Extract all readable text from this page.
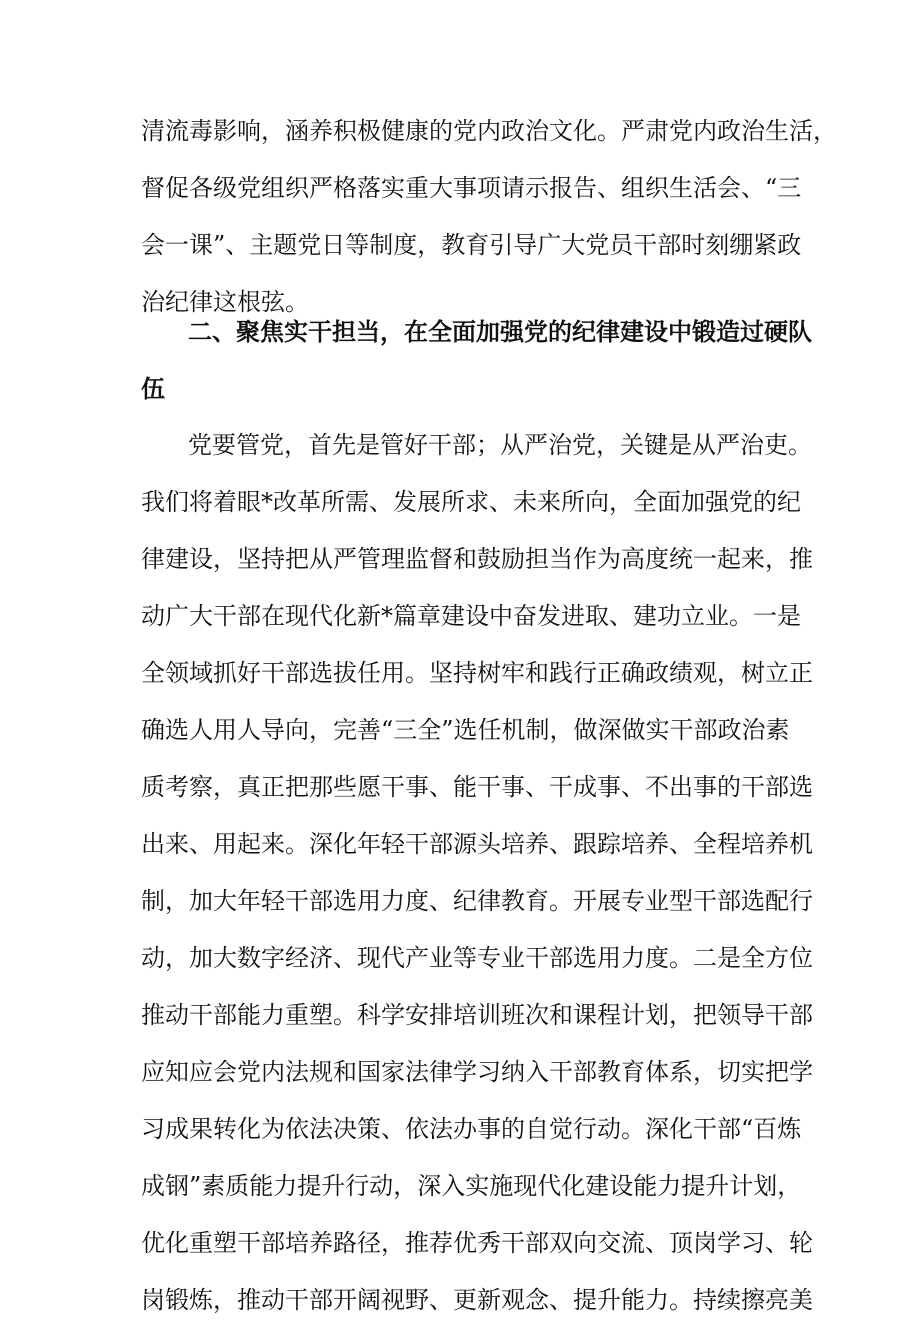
清流毒影响，涵养积极健康的党内政治文化。严肃党内政治生活，
督促各级党组织严格落实重大事项请示报告、组织生活会、“三
会一课”、主题党日等制度，教育引导广大党员干部时刻绷紧政
治纪律这根弦。
二、聚焦实干担当，在全面加强党的纪律建设中锻造过硬队
伍
党要管党，首先是管好干部；从严治党，关键是从严治吏。
我们将着眼*改革所需、发展所求、未来所向，全面加强党的纪
律建设，坚持把从严管理监督和鼓励担当作为高度统一起来，推
动广大干部在现代化新*篇章建设中奋发进取、建功立业。一是
全领域抓好干部选拔任用。坚持树牢和践行正确政绩观，树立正
确选人用人导向，完善“三全”选任机制，做深做实干部政治素
质考察，真正把那些愿干事、能干事、干成事、不出事的干部选
出来、用起来。深化年轻干部源头培养、跟踪培养、全程培养机
制，加大年轻干部选用力度、纪律教育。开展专业型干部选配行
动，加大数字经济、现代产业等专业干部选用力度。二是全方位
推动干部能力重塑。科学安排培训班次和课程计划，把领导干部
应知应会党内法规和国家法律学习纳入干部教育体系，切实把学
习成果转化为依法决策、依法办事的自觉行动。深化干部“百炼
成钢”素质能力提升行动，深入实施现代化建设能力提升计划，
优化重塑干部培养路径，推荐优秀干部双向交流、顶岗学习、轮
岗锻炼，推动干部开阔视野、更新观念、提升能力。持续擦亮美
